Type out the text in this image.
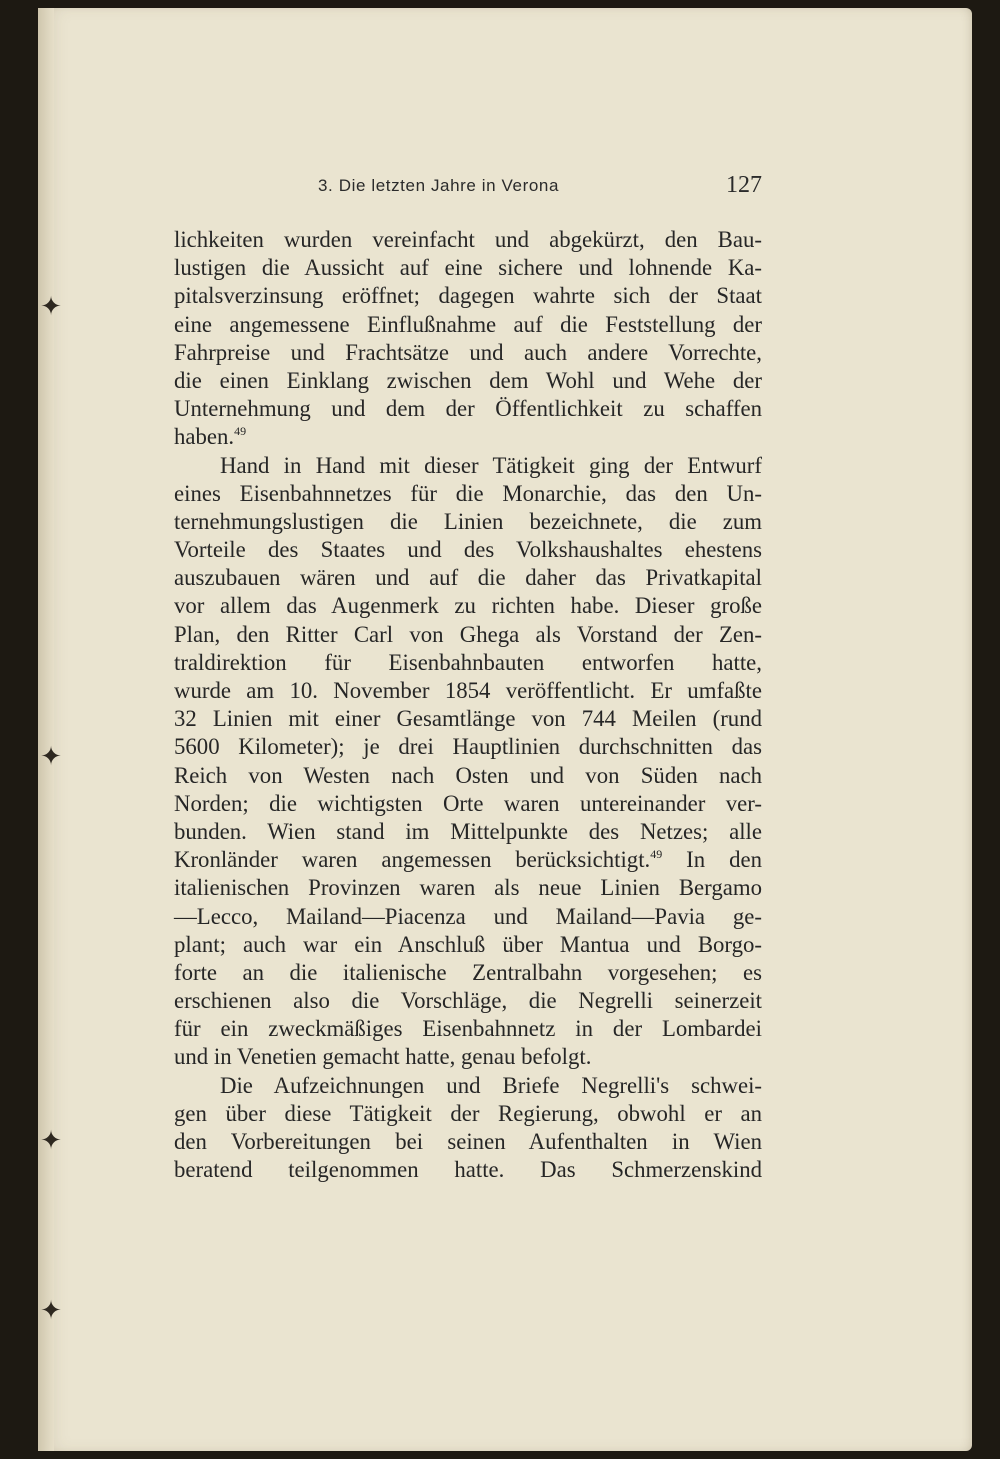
✦
✦
✦
✦
3. Die letzten Jahre in Verona	127
lichkeiten wurden vereinfacht und abgekürzt, den Bau-
lustigen die Aussicht auf eine sichere und lohnende Ka-
pitalsverzinsung eröffnet; dagegen wahrte sich der Staat
eine angemessene Einflußnahme auf die Feststellung der
Fahrpreise und Frachtsätze und auch andere Vorrechte,
die einen Einklang zwischen dem Wohl und Wehe der
Unternehmung und dem der Öffentlichkeit zu schaffen
haben.$^{49}$
Hand in Hand mit dieser Tätigkeit ging der Entwurf
eines Eisenbahnnetzes für die Monarchie, das den Un-
ternehmungslustigen die Linien bezeichnete, die zum
Vorteile des Staates und des Volkshaushaltes ehestens
auszubauen wären und auf die daher das Privatkapital
vor allem das Augenmerk zu richten habe. Dieser große
Plan, den Ritter Carl von Ghega als Vorstand der Zen-
traldirektion für Eisenbahnbauten entworfen hatte,
wurde am 10. November 1854 veröffentlicht. Er umfaßte
32 Linien mit einer Gesamtlänge von 744 Meilen (rund
5600 Kilometer); je drei Hauptlinien durchschnitten das
Reich von Westen nach Osten und von Süden nach
Norden; die wichtigsten Orte waren untereinander ver-
bunden. Wien stand im Mittelpunkte des Netzes; alle
Kronländer waren angemessen berücksichtigt.$^{49}$ In den
italienischen Provinzen waren als neue Linien Bergamo
—Lecco, Mailand—Piacenza und Mailand—Pavia ge-
plant; auch war ein Anschluß über Mantua und Borgo-
forte an die italienische Zentralbahn vorgesehen; es
erschienen also die Vorschläge, die Negrelli seinerzeit
für ein zweckmäßiges Eisenbahnnetz in der Lombardei
und in Venetien gemacht hatte, genau befolgt.
Die Aufzeichnungen und Briefe Negrelli's schwei-
gen über diese Tätigkeit der Regierung, obwohl er an
den Vorbereitungen bei seinen Aufenthalten in Wien
beratend teilgenommen hatte. Das Schmerzenskind
